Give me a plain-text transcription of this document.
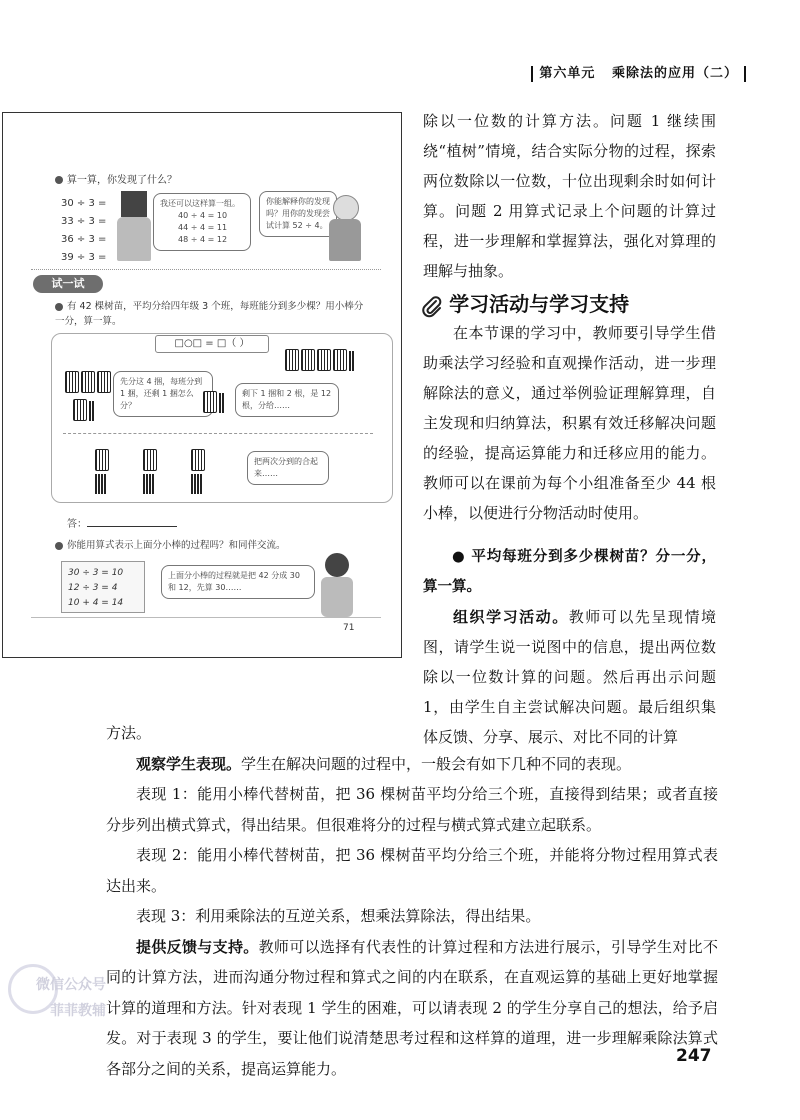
第六单元 乘除法的应用（二）
算一算，你发现了什么？
30 ÷ 3 =
33 ÷ 3 =
36 ÷ 3 =
39 ÷ 3 =
我还可以这样算一组。
40 ÷ 4 = 10
44 ÷ 4 = 11
48 ÷ 4 = 12
你能解释你的发现吗？用你的发现尝试计算 52 ÷ 4。
试一试
有 42 棵树苗，平均分给四年级 3 个班，每班能分到多少棵？用小棒分一分，算一算。
□○□ = □（ ）
先分这 4 捆，每班分到 1 捆，还剩 1 捆怎么分？
剩下 1 捆和 2 根，是 12 根，分给……

把两次分到的合起来……
答：
你能用算式表示上面分小棒的过程吗？和同伴交流。
30 ÷ 3 = 10
12 ÷ 3 = 4
10 + 4 = 14
上面分小棒的过程就是把 42 分成 30 和 12，先算 30……
71
除以一位数的计算方法。问题 1 继续围绕“植树”情境，结合实际分物的过程，探索两位数除以一位数，十位出现剩余时如何计算。问题 2 用算式记录上个问题的计算过程，进一步理解和掌握算法，强化对算理的理解与抽象。
学习活动与学习支持
在本节课的学习中，教师要引导学生借助乘法学习经验和直观操作活动，进一步理解除法的意义，通过举例验证理解算理，自主发现和归纳算法，积累有效迁移解决问题的经验，提高运算能力和迁移应用的能力。教师可以在课前为每个小组准备至少 44 根小棒，以便进行分物活动时使用。
● 平均每班分到多少棵树苗？分一分，算一算。
组织学习活动。教师可以先呈现情境图，请学生说一说图中的信息，提出两位数除以一位数计算的问题。然后再出示问题 1，由学生自主尝试解决问题。最后组织集体反馈、分享、展示、对比不同的计算
方法。
观察学生表现。学生在解决问题的过程中，一般会有如下几种不同的表现。
表现 1：能用小棒代替树苗，把 36 棵树苗平均分给三个班，直接得到结果；或者直接分步列出横式算式，得出结果。但很难将分的过程与横式算式建立起联系。
表现 2：能用小棒代替树苗，把 36 棵树苗平均分给三个班，并能将分物过程用算式表达出来。
表现 3：利用乘除法的互逆关系，想乘法算除法，得出结果。
提供反馈与支持。教师可以选择有代表性的计算过程和方法进行展示，引导学生对比不同的计算方法，进而沟通分物过程和算式之间的内在联系，在直观运算的基础上更好地掌握计算的道理和方法。针对表现 1 学生的困难，可以请表现 2 的学生分享自己的想法，给予启发。对于表现 3 的学生，要让他们说清楚思考过程和这样算的道理，进一步理解乘除法算式各部分之间的关系，提高运算能力。
微信公众号
菲菲教辅
247
